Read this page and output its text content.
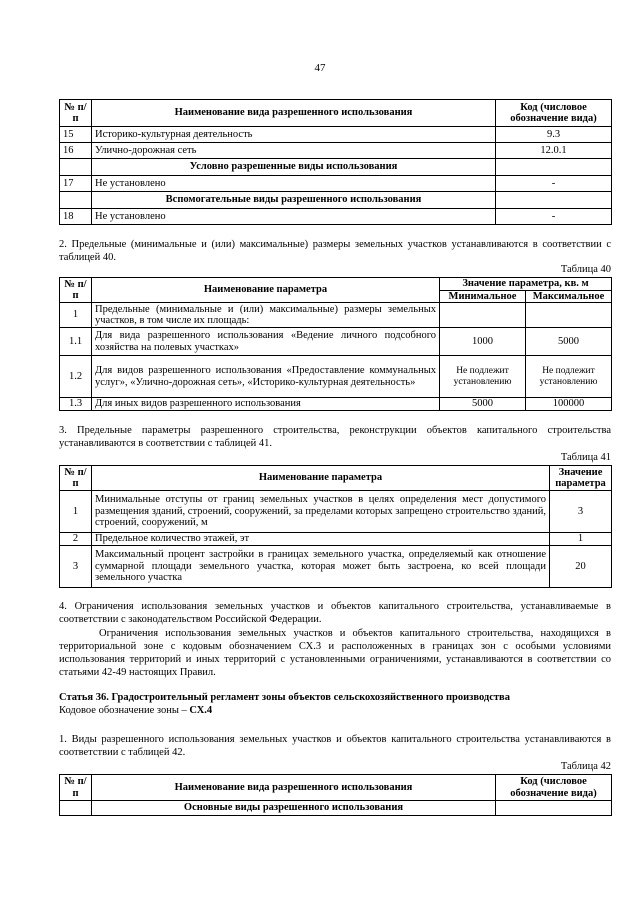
47
№ п/п	Наименование вида разрешенного использования	Код (числовое обозначение вида)
15	Историко-культурная деятельность	9.3
16	Улично-дорожная сеть	12.0.1
	Условно разрешенные виды использования	
17	Не установлено	-
	Вспомогательные виды разрешенного использования	
18	Не установлено	-

2. Предельные (минимальные и (или) максимальные) размеры земельных участков устанавливаются в соответствии с таблицей 40.

Таблица 40
№ п/п	Наименование параметра	Значение параметра, кв. м	
		Минимальное	Максимальное
1	Предельные (минимальные и (или) максимальные) размеры земельных участков, в том числе их площадь:		
1.1	Для вида разрешенного использования «Ведение личного подсобного хозяйства на полевых участках»	1000	5000
1.2	Для видов разрешенного использования «Предоставление коммунальных услуг», «Улично-дорожная сеть», «Историко-культурная деятельность»	Не подлежит установлению	Не подлежит установлению
1.3	Для иных видов разрешенного использования	5000	100000

3. Предельные параметры разрешенного строительства, реконструкции объектов капитального строительства устанавливаются в соответствии с таблицей 41.

Таблица 41
№ п/п	Наименование параметра	Значение параметра
1	Минимальные отступы от границ земельных участков в целях определения мест допустимого размещения зданий, строений, сооружений, за пределами которых запрещено строительство зданий, строений, сооружений, м	3
2	Предельное количество этажей, эт	1
3	Максимальный процент застройки в границах земельного участка, определяемый как отношение суммарной площади земельного участка, которая может быть застроена, ко всей площади земельного участка	20

4. Ограничения использования земельных участков и объектов капитального строительства, устанавливаемые в соответствии с законодательством Российской Федерации.

Ограничения использования земельных участков и объектов капитального строительства, находящихся в территориальной зоне с кодовым обозначением СХ.3 и расположенных в границах зон с особыми условиями использования территорий и иных территорий с установленными ограничениями, устанавливаются в соответствии со статьями 42-49 настоящих Правил.

Статья 36. Градостроительный регламент зоны объектов сельскохозяйственного производства

Кодовое обозначение зоны – СХ.4

1. Виды разрешенного использования земельных участков и объектов капитального строительства устанавливаются в соответствии с таблицей 42.

Таблица 42
№ п/п	Наименование вида разрешенного использования	Код (числовое обозначение вида)
	Основные виды разрешенного использования	
